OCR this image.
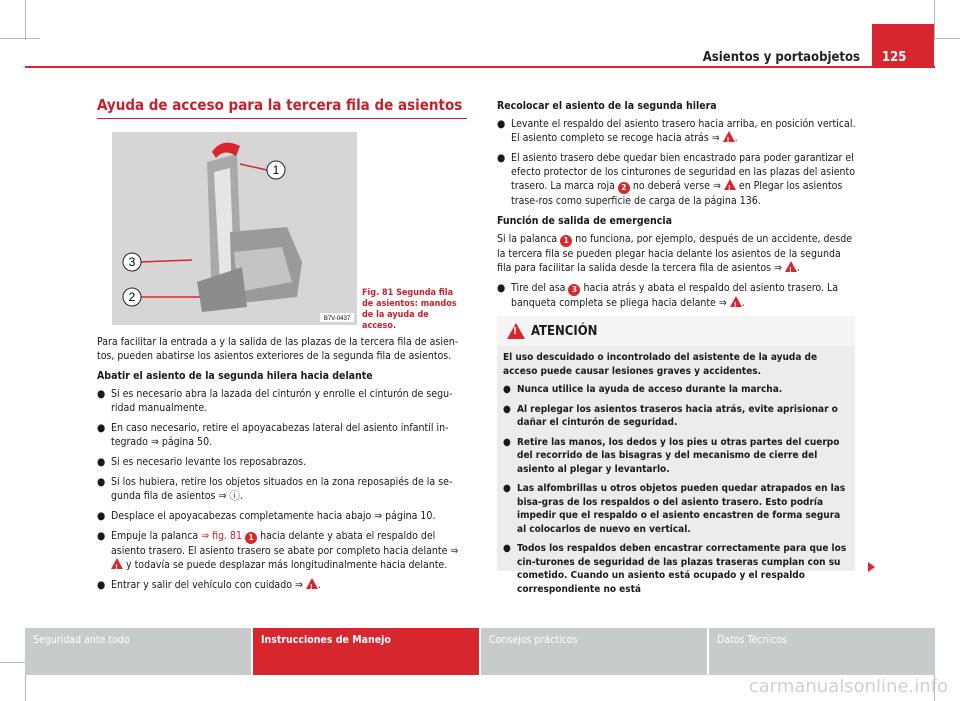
Asientos y portaobjetos 125
Ayuda de acceso para la tercera fila de asientos
1
3
2
B7V-0437
Fig. 81 Segunda fila de asientos: mandos de la ayuda de acceso.

Para facilitar la entrada a y la salida de las plazas de la tercera fila de asien-tos, pueden abatirse los asientos exteriores de la segunda fila de asientos.

Abatir el asiento de la segunda hilera hacia delante

● Si es necesario abra la lazada del cinturón y enrolle el cinturón de segu-ridad manualmente.
● En caso necesario, retire el apoyacabezas lateral del asiento infantil in-tegrado ⇒ página 50.
● Si es necesario levante los reposabrazos.
● Si los hubiera, retire los objetos situados en la zona reposapiés de la se-gunda fila de asientos ⇒ ⓘ.
● Desplace el apoyacabezas completamente hacia abajo ⇒ página 10.
● Empuje la palanca ⇒ fig. 81 1 hacia delante y abata el respaldo del asiento trasero. El asiento trasero se abate por completo hacia delante ⇒ ! y todavía se puede desplazar más longitudinalmente hacia delante.
● Entrar y salir del vehículo con cuidado ⇒ ! .

Recolocar el asiento de la segunda hilera

● Levante el respaldo del asiento trasero hacia arriba, en posición vertical. El asiento completo se recoge hacia atrás ⇒ ! .
● El asiento trasero debe quedar bien encastrado para poder garantizar el efecto protector de los cinturones de seguridad en las plazas del asiento trasero. La marca roja 2 no deberá verse ⇒ ! en Plegar los asientos trase-ros como superficie de carga de la página 136.

Función de salida de emergencia

Si la palanca 1 no funciona, por ejemplo, después de un accidente, desde la tercera fila se pueden plegar hacia delante los asientos de la segunda fila para facilitar la salida desde la tercera fila de asientos ⇒ ! .

● Tire del asa 3 hacia atrás y abata el respaldo del asiento trasero. La banqueta completa se pliega hacia delante ⇒ ! .
!
ATENCIÓN

El uso descuidado o incontrolado del asistente de la ayuda de acceso puede causar lesiones graves y accidentes.

● Nunca utilice la ayuda de acceso durante la marcha.
● Al replegar los asientos traseros hacia atrás, evite aprisionar o dañar el cinturón de seguridad.
● Retire las manos, los dedos y los pies u otras partes del cuerpo del recorrido de las bisagras y del mecanismo de cierre del asiento al plegar y levantarlo.
● Las alfombrillas u otros objetos pueden quedar atrapados en las bisa-gras de los respaldos o del asiento trasero. Esto podría impedir que el respaldo o el asiento encastren de forma segura al colocarlos de nuevo en vertical.
● Todos los respaldos deben encastrar correctamente para que los cin-turones de seguridad de las plazas traseras cumplan con su cometido. Cuando un asiento está ocupado y el respaldo correspondiente no está
Seguridad ante todo	Instrucciones de Manejo	Consejos prácticos	Datos Técnicos
carmanualsonline.info
